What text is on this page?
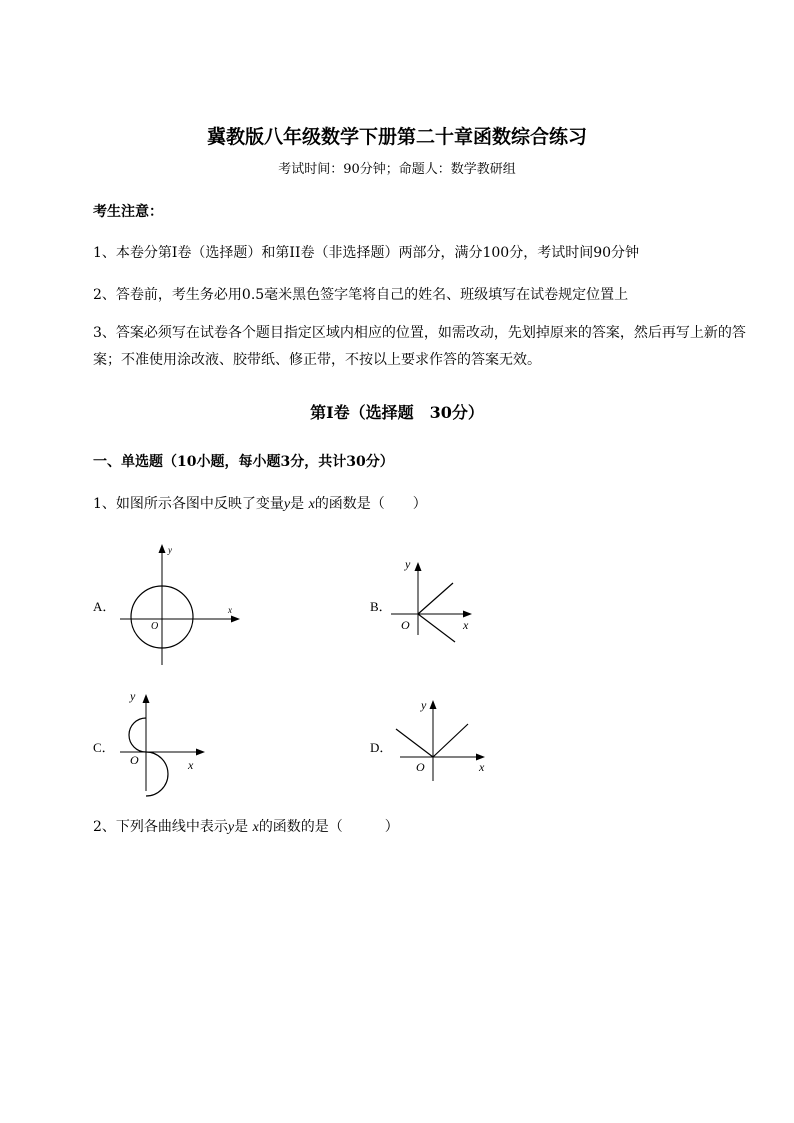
冀教版八年级数学下册第二十章函数综合练习
考试时间：90分钟；命题人：数学教研组
考生注意：
1、本卷分第I卷（选择题）和第II卷（非选择题）两部分，满分100分，考试时间90分钟
2、答卷前，考生务必用0.5毫米黑色签字笔将自己的姓名、班级填写在试卷规定位置上
3、答案必须写在试卷各个题目指定区域内相应的位置，如需改动，先划掉原来的答案，然后再写上新的答案；不准使用涂改液、胶带纸、修正带，不按以上要求作答的答案无效。
第I卷（选择题　30分）
一、单选题（10小题，每小题3分，共计30分）
1、如图所示各图中反映了变量y是 x的函数是（　　）
A．
y
x
O
B．
y
x
O
C．
y
x
O
D．
y
x
O
2、下列各曲线中表示y是 x的函数的是（　　　）
